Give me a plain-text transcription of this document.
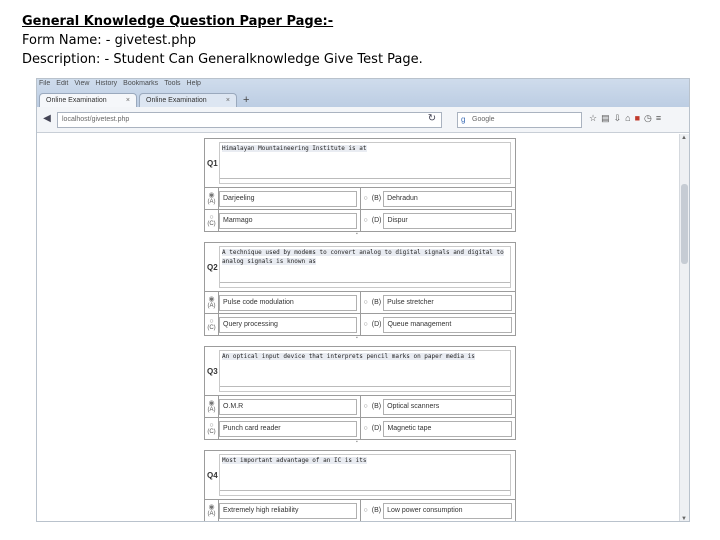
General Knowledge Question Paper Page:-
Form Name: - givetest.php
Description: - Student Can Generalknowledge Give Test Page.
File Edit View History Bookmarks Tools Help
Online Examination	× Online Examination	× +
◀	localhost/givetest.php	↻	g Google	☆ ▤ ⇩ ⌂ ■ ◷ ≡
Q1
Himalayan Mountaineering Institute is at
◉
(A)
Darjeeling	○ (B) Dehradun
○
(C)
Marmago	○ (D) Dispur
Q2
A technique used by modems to convert analog to digital signals and digital to analog signals is known as
◉
(A)
Pulse code modulation	○ (B) Pulse stretcher
○
(C)
Query processing	○ (D) Queue management
Q3
An optical input device that interprets pencil marks on paper media is
◉
(A)
O.M.R	○ (B) Optical scanners
○
(C)
Punch card reader	○ (D) Magnetic tape
Q4
Most important advantage of an IC is its
◉
(A)
Extremely high reliability	○ (B) Low power consumption
▪
▪
▪
▲
▼
